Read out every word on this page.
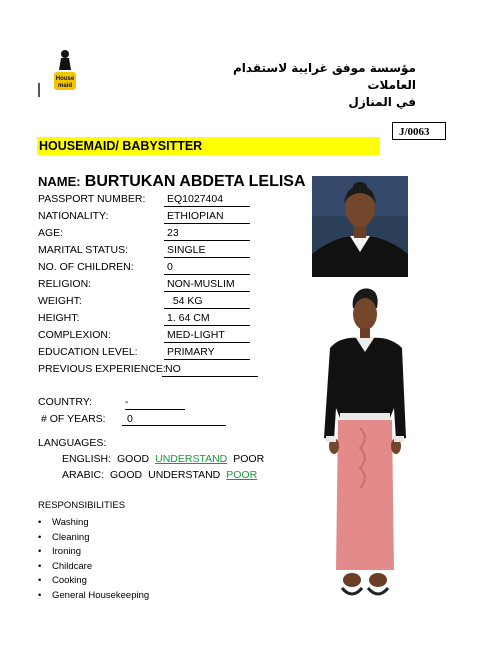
House
maid
مؤسسة موفق غرايبة لاستقدام العاملات
في المنازل
J/0063
HOUSEMAID/ BABYSITTER
NAME: BURTUKAN ABDETA LELISA
PASSPORT NUMBER: EQ1027404
NATIONALITY:	ETHIOPIAN
AGE:	23
MARITAL STATUS:	SINGLE
NO. OF CHILDREN:	0
RELIGION:	NON-MUSLIM
WEIGHT:	54 KG
HEIGHT:	1. 64 CM
COMPLEXION:	MED-LIGHT
EDUCATION LEVEL:	PRIMARY
PREVIOUS EXPERIENCE: NO
COUNTRY:	-
# OF YEARS:	0
LANGUAGES:
ENGLISH: GOOD UNDERSTAND POOR
ARABIC: GOOD UNDERSTAND POOR
RESPONSIBILITIES
• Washing
• Cleaning
• Ironing
• Childcare
• Cooking
• General Housekeeping
